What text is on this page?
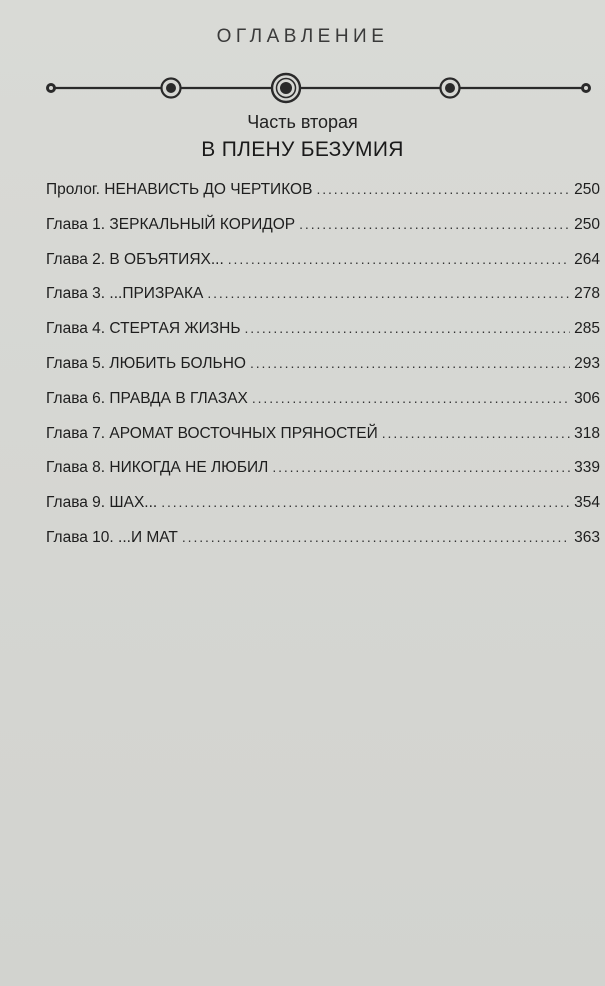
ОГЛАВЛЕНИЕ
Часть вторая
В ПЛЕНУ БЕЗУМИЯ
Пролог. НЕНАВИСТЬ ДО ЧЕРТИКОВ . . .	250
Глава 1. ЗЕРКАЛЬНЫЙ КОРИДОР . . .	250
Глава 2. В ОБЪЯТИЯХ... . . .	264
Глава 3. ...ПРИЗРАКА . . .	278
Глава 4. СТЕРТАЯ ЖИЗНЬ . . .	285
Глава 5. ЛЮБИТЬ БОЛЬНО . . .	293
Глава 6. ПРАВДА В ГЛАЗАХ . . .	306
Глава 7. АРОМАТ ВОСТОЧНЫХ ПРЯНОСТЕЙ . . .	318
Глава 8. НИКОГДА НЕ ЛЮБИЛ . . .	339
Глава 9. ШАХ... . . .	354
Глава 10. ...И МАТ . . .	363
